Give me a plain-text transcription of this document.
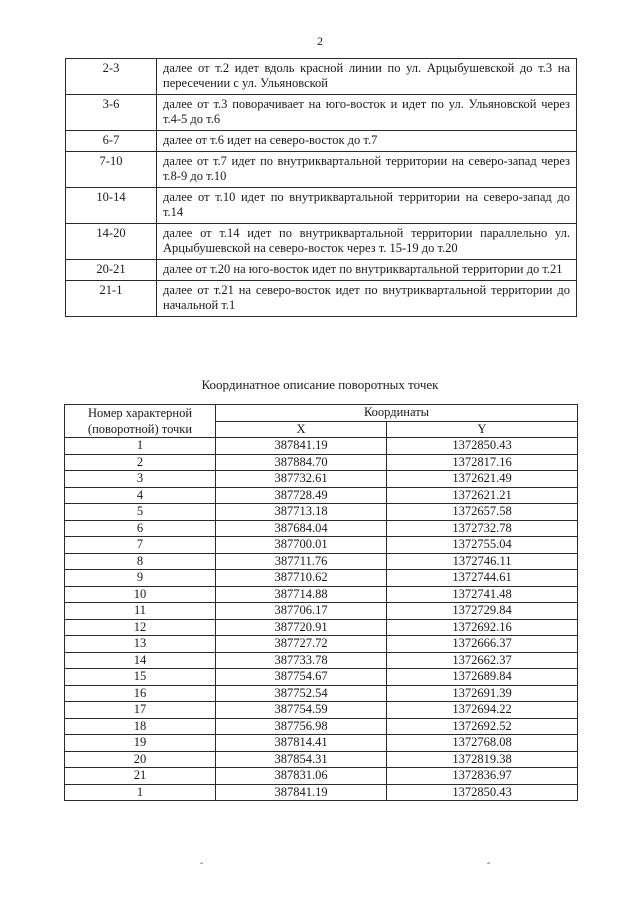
2
2-3	далее от т.2 идет вдоль красной линии по ул. Арцыбушевской до т.3 на пересечении с ул. Ульяновской
3-6	далее от т.3 поворачивает на юго-восток и идет по ул. Ульяновской через т.4-5 до т.6
6-7	далее от т.6 идет на северо-восток до т.7
7-10	далее от т.7 идет по внутриквартальной территории на северо-запад через т.8-9 до т.10
10-14	далее от т.10 идет по внутриквартальной территории на северо-запад до т.14
14-20	далее от т.14 идет по внутриквартальной территории параллельно ул. Арцыбушевской на северо-восток через т. 15-19 до т.20
20-21	далее от т.20 на юго-восток идет по внутриквартальной территории до т.21
21-1	далее от т.21 на северо-восток идет по внутриквартальной территории до начальной т.1
Координатное описание поворотных точек
Номер характерной (поворотной) точки	Координаты	
	X	Y
1	387841.19	1372850.43
2	387884.70	1372817.16
3	387732.61	1372621.49
4	387728.49	1372621.21
5	387713.18	1372657.58
6	387684.04	1372732.78
7	387700.01	1372755.04
8	387711.76	1372746.11
9	387710.62	1372744.61
10	387714.88	1372741.48
11	387706.17	1372729.84
12	387720.91	1372692.16
13	387727.72	1372666.37
14	387733.78	1372662.37
15	387754.67	1372689.84
16	387752.54	1372691.39
17	387754.59	1372694.22
18	387756.98	1372692.52
19	387814.41	1372768.08
20	387854.31	1372819.38
21	387831.06	1372836.97
1	387841.19	1372850.43
ˆ	ˆ
